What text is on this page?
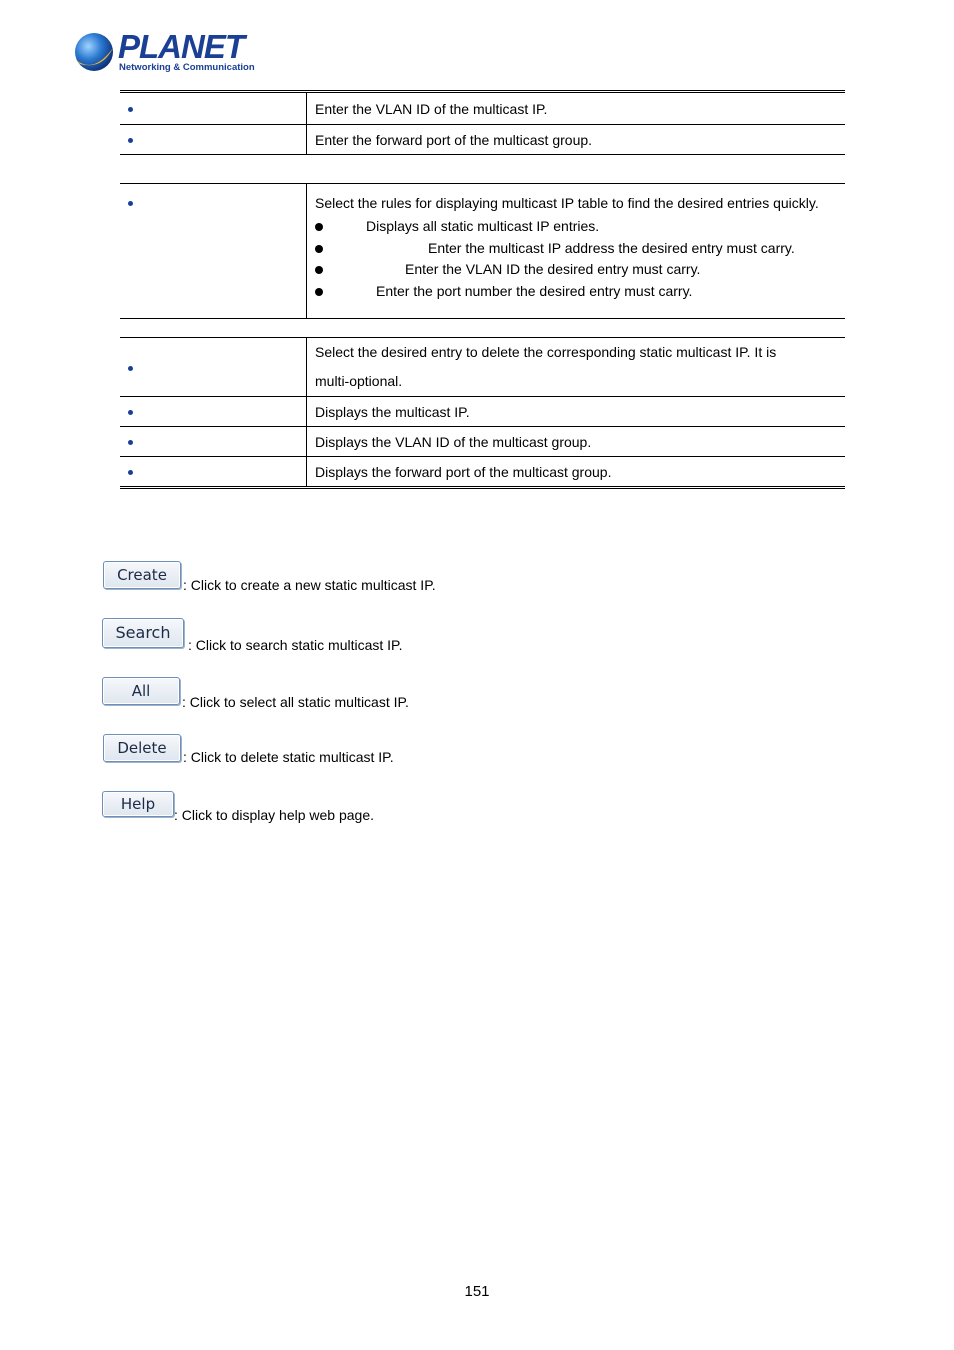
PLANET
Networking & Communication
	Enter the VLAN ID of the multicast IP.
	Enter the forward port of the multicast group.

Select the rules for displaying multicast IP table to find the desired entries quickly.
Displays all static multicast IP entries.
Enter the multicast IP address the desired entry must carry.
Enter the VLAN ID the desired entry must carry.
Enter the port number the desired entry must carry.
	Select the desired entry to delete the corresponding static multicast IP. It is multi-optional.
	Displays the multicast IP.
	Displays the VLAN ID of the multicast group.
	Displays the forward port of the multicast group.
Create
: Click to create a new static multicast IP.
Search
: Click to search static multicast IP.
All
: Click to select all static multicast IP.
Delete	: Click to delete static multicast IP.
Help
: Click to display help web page.
151
